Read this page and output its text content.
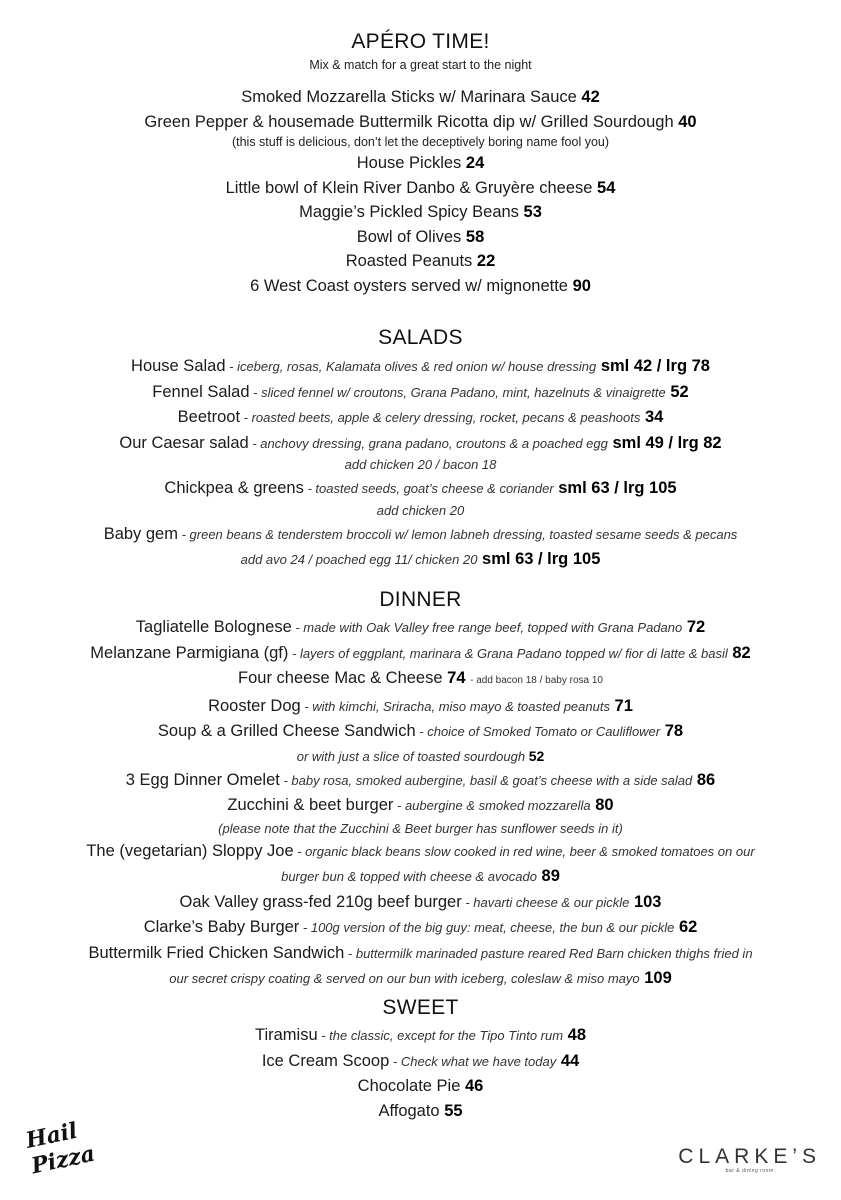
APÉRO TIME!
Mix & match for a great start to the night
Smoked Mozzarella Sticks w/ Marinara Sauce 42
Green Pepper & housemade Buttermilk Ricotta dip w/ Grilled Sourdough 40
(this stuff is delicious, don’t let the deceptively boring name fool you)
House Pickles 24
Little bowl of Klein River Danbo & Gruyère cheese 54
Maggie’s Pickled Spicy Beans 53
Bowl of Olives 58
Roasted Peanuts 22
6 West Coast oysters served w/ mignonette 90
SALADS
House Salad - iceberg, rosas, Kalamata olives & red onion w/ house dressing sml 42 / lrg 78
Fennel Salad - sliced fennel w/ croutons, Grana Padano, mint, hazelnuts & vinaigrette 52
Beetroot - roasted beets, apple & celery dressing, rocket, pecans & peashoots 34
Our Caesar salad - anchovy dressing, grana padano, croutons & a poached egg sml 49 / lrg 82
add chicken 20 / bacon 18
Chickpea & greens - toasted seeds, goat’s cheese & coriander sml 63 / lrg 105
add chicken 20
Baby gem - green beans & tenderstem broccoli w/ lemon labneh dressing, toasted sesame seeds & pecans
add avo 24 / poached egg 11/ chicken 20 sml 63 / lrg 105
DINNER
Tagliatelle Bolognese - made with Oak Valley free range beef, topped with Grana Padano 72
Melanzane Parmigiana (gf) - layers of eggplant, marinara & Grana Padano topped w/ fior di latte & basil 82
Four cheese Mac & Cheese 74 - add bacon 18 / baby rosa 10
Rooster Dog - with kimchi, Sriracha, miso mayo & toasted peanuts 71
Soup & a Grilled Cheese Sandwich - choice of Smoked Tomato or Cauliflower 78
or with just a slice of toasted sourdough 52
3 Egg Dinner Omelet - baby rosa, smoked aubergine, basil & goat’s cheese with a side salad 86
Zucchini & beet burger - aubergine & smoked mozzarella 80
(please note that the Zucchini & Beet burger has sunflower seeds in it)
The (vegetarian) Sloppy Joe - organic black beans slow cooked in red wine, beer & smoked tomatoes on our
burger bun & topped with cheese & avocado 89
Oak Valley grass-fed 210g beef burger - havarti cheese & our pickle 103
Clarke’s Baby Burger - 100g version of the big guy: meat, cheese, the bun & our pickle 62
Buttermilk Fried Chicken Sandwich - buttermilk marinaded pasture reared Red Barn chicken thighs fried in
our secret crispy coating & served on our bun with iceberg, coleslaw & miso mayo 109
SWEET
Tiramisu - the classic, except for the Tipo Tinto rum 48
Ice Cream Scoop - Check what we have today 44
Chocolate Pie 46
Affogato 55
Hail Pizza	CLARKE’S
bar & dining room
